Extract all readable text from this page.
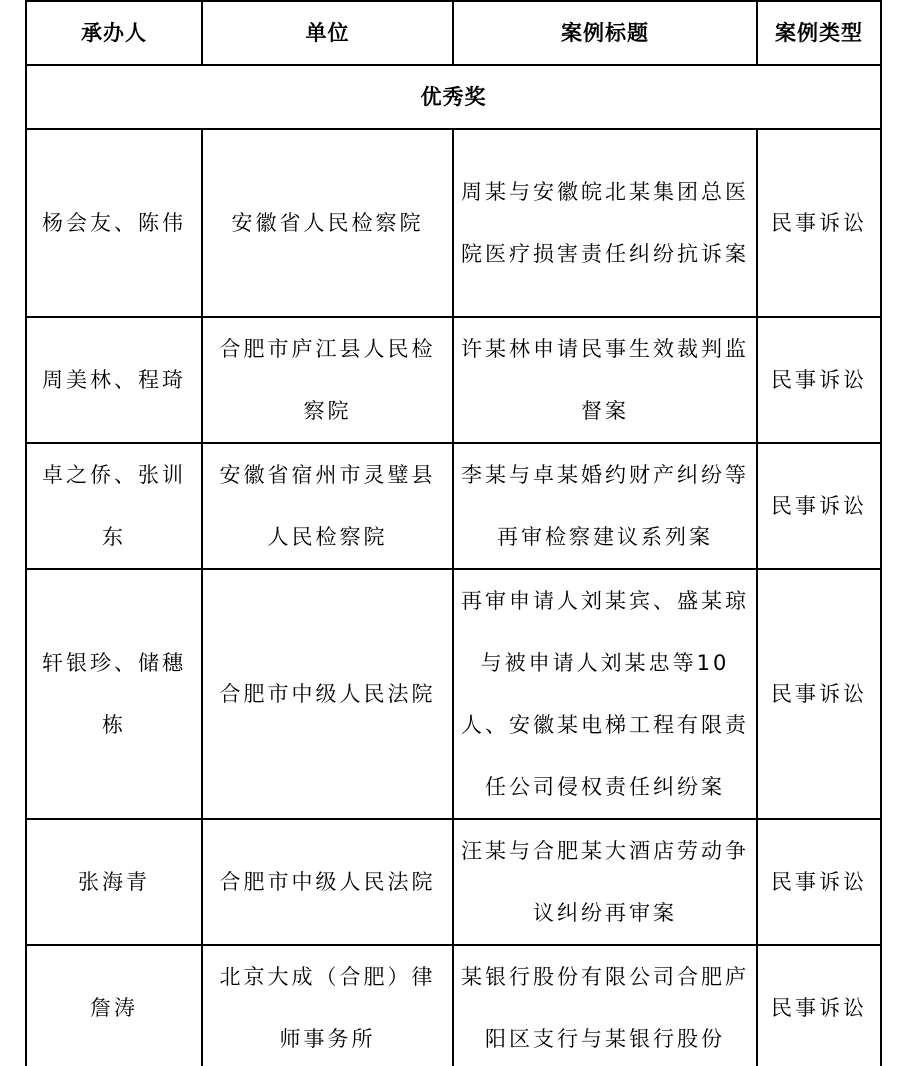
承办人	单位	案例标题	案例类型
优秀奖			
杨会友、陈伟	安徽省人民检察院	周某与安徽皖北某集团总医院医疗损害责任纠纷抗诉案	民事诉讼
周美林、程琦	合肥市庐江县人民检察院	许某林申请民事生效裁判监督案	民事诉讼
卓之侨、张训东	安徽省宿州市灵璧县人民检察院	李某与卓某婚约财产纠纷等再审检察建议系列案	民事诉讼
轩银珍、储穗栋	合肥市中级人民法院	再审申请人刘某宾、盛某琼与被申请人刘某忠等10人、安徽某电梯工程有限责任公司侵权责任纠纷案	民事诉讼
张海青	合肥市中级人民法院	汪某与合肥某大酒店劳动争议纠纷再审案	民事诉讼
詹涛	北京大成（合肥）律师事务所	某银行股份有限公司合肥庐阳区支行与某银行股份	民事诉讼
